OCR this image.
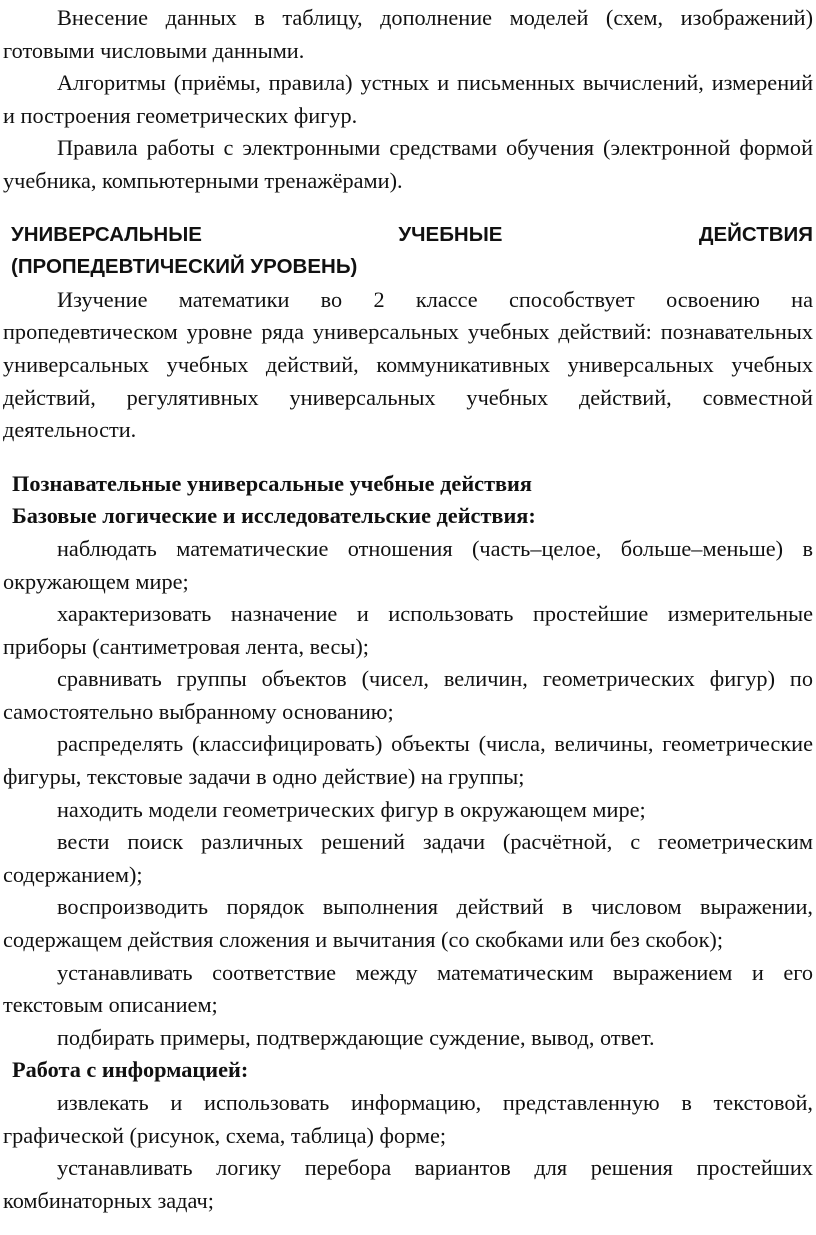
Внесение данных в таблицу, дополнение моделей (схем, изображений) готовыми числовыми данными.

Алгоритмы (приёмы, правила) устных и письменных вычислений, измерений и построения геометрических фигур.

Правила работы с электронными средствами обучения (электронной формой учебника, компьютерными тренажёрами).

УНИВЕРСАЛЬНЫЕ УЧЕБНЫЕ ДЕЙСТВИЯ
(ПРОПЕДЕВТИЧЕСКИЙ УРОВЕНЬ)

Изучение математики во 2 классе способствует освоению на пропедевтическом уровне ряда универсальных учебных действий: познавательных универсальных учебных действий, коммуникативных универсальных учебных действий, регулятивных универсальных учебных действий, совместной деятельности.

Познавательные универсальные учебные действия

Базовые логические и исследовательские действия:

наблюдать математические отношения (часть–целое, больше–меньше) в окружающем мире;

характеризовать назначение и использовать простейшие измерительные приборы (сантиметровая лента, весы);

сравнивать группы объектов (чисел, величин, геометрических фигур) по самостоятельно выбранному основанию;

распределять (классифицировать) объекты (числа, величины, геометрические фигуры, текстовые задачи в одно действие) на группы;

находить модели геометрических фигур в окружающем мире;

вести поиск различных решений задачи (расчётной, с геометрическим содержанием);

воспроизводить порядок выполнения действий в числовом выражении, содержащем действия сложения и вычитания (со скобками или без скобок);

устанавливать соответствие между математическим выражением и его текстовым описанием;

подбирать примеры, подтверждающие суждение, вывод, ответ.

Работа с информацией:

извлекать и использовать информацию, представленную в текстовой, графической (рисунок, схема, таблица) форме;

устанавливать логику перебора вариантов для решения простейших комбинаторных задач;
